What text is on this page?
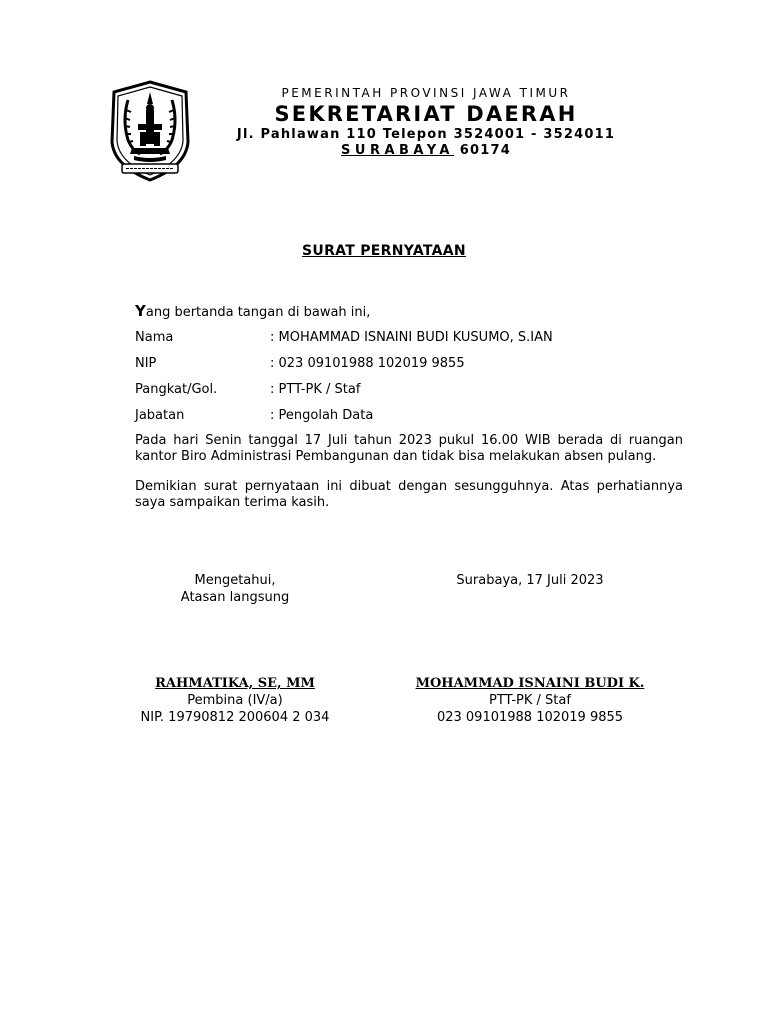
PEMERINTAH PROVINSI JAWA TIMUR
SEKRETARIAT DAERAH
Jl. Pahlawan 110 Telepon 3524001 - 3524011
SURABAYA 60174
SURAT PERNYATAAN
Yang bertanda tangan di bawah ini,
Nama	: MOHAMMAD ISNAINI BUDI KUSUMO, S.IAN
NIP	: 023 09101988 102019 9855
Pangkat/Gol.	: PTT-PK / Staf
Jabatan	: Pengolah Data
Pada hari Senin tanggal 17 Juli tahun 2023 pukul 16.00 WIB berada di ruangan kantor Biro Administrasi Pembangunan dan tidak bisa melakukan absen pulang.
Demikian surat pernyataan ini dibuat dengan sesungguhnya. Atas perhatiannya saya sampaikan terima kasih.
Mengetahui,
Atasan langsung
RAHMATIKA, SE, MM
Pembina (IV/a)
NIP. 19790812 200604 2 034
Surabaya, 17 Juli 2023
MOHAMMAD ISNAINI BUDI K.
PTT-PK / Staf
023 09101988 102019 9855
